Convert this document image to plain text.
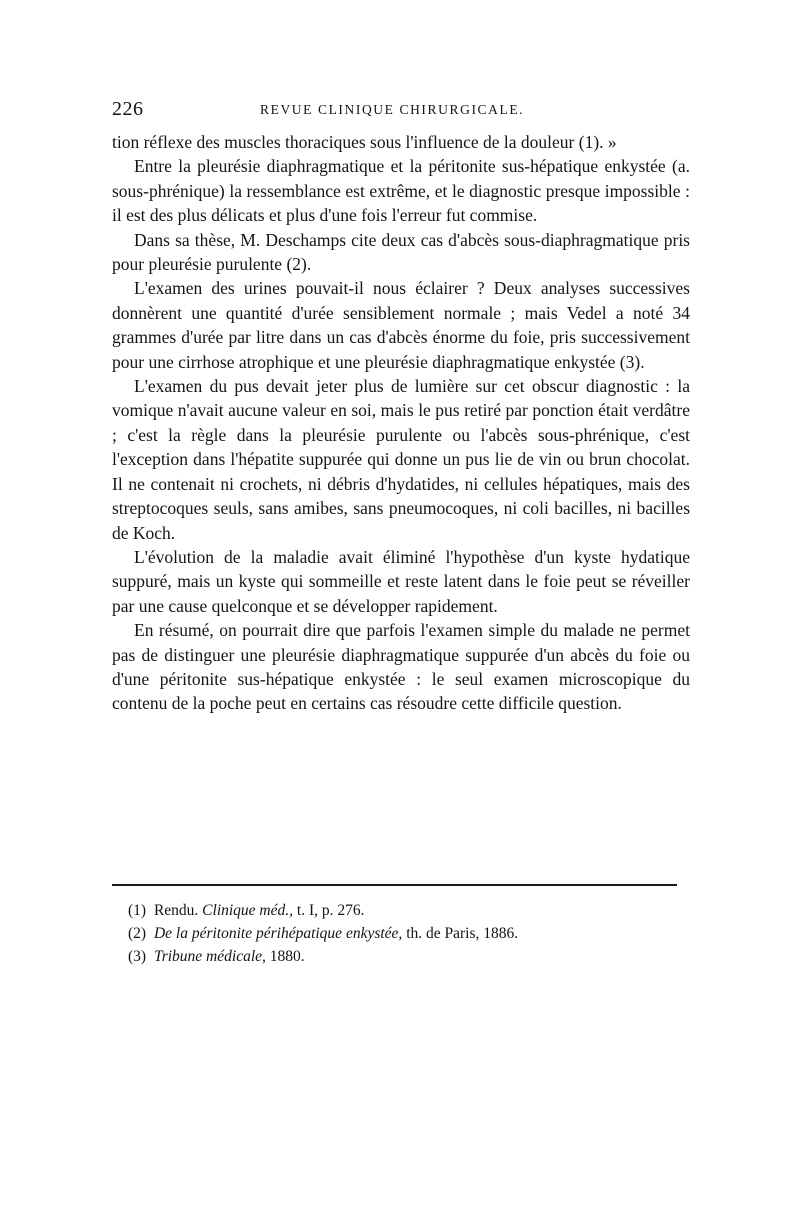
226	REVUE CLINIQUE CHIRURGICALE.

tion réflexe des muscles thoraciques sous l'influence de la douleur (1). »

Entre la pleurésie diaphragmatique et la péritonite sus-hépatique enkystée (a. sous-phrénique) la ressemblance est extrême, et le diagnostic presque impossible : il est des plus délicats et plus d'une fois l'erreur fut commise.

Dans sa thèse, M. Deschamps cite deux cas d'abcès sous-diaphragmatique pris pour pleurésie purulente (2).

L'examen des urines pouvait-il nous éclairer ? Deux analyses successives donnèrent une quantité d'urée sensiblement normale ; mais Vedel a noté 34 grammes d'urée par litre dans un cas d'abcès énorme du foie, pris successivement pour une cirrhose atrophique et une pleurésie diaphragmatique enkystée (3).

L'examen du pus devait jeter plus de lumière sur cet obscur diagnostic : la vomique n'avait aucune valeur en soi, mais le pus retiré par ponction était verdâtre ; c'est la règle dans la pleurésie purulente ou l'abcès sous-phrénique, c'est l'exception dans l'hépatite suppurée qui donne un pus lie de vin ou brun chocolat. Il ne contenait ni crochets, ni débris d'hydatides, ni cellules hépatiques, mais des streptocoques seuls, sans amibes, sans pneumocoques, ni coli bacilles, ni bacilles de Koch.

L'évolution de la maladie avait éliminé l'hypothèse d'un kyste hydatique suppuré, mais un kyste qui sommeille et reste latent dans le foie peut se réveiller par une cause quelconque et se développer rapidement.

En résumé, on pourrait dire que parfois l'examen simple du malade ne permet pas de distinguer une pleurésie diaphragmatique suppurée d'un abcès du foie ou d'une péritonite sus-hépatique enkystée : le seul examen microscopique du contenu de la poche peut en certains cas résoudre cette difficile question.

(1) Rendu. Clinique méd., t. I, p. 276.

(2) De la péritonite périhépatique enkystée, th. de Paris, 1886.

(3) Tribune médicale, 1880.
